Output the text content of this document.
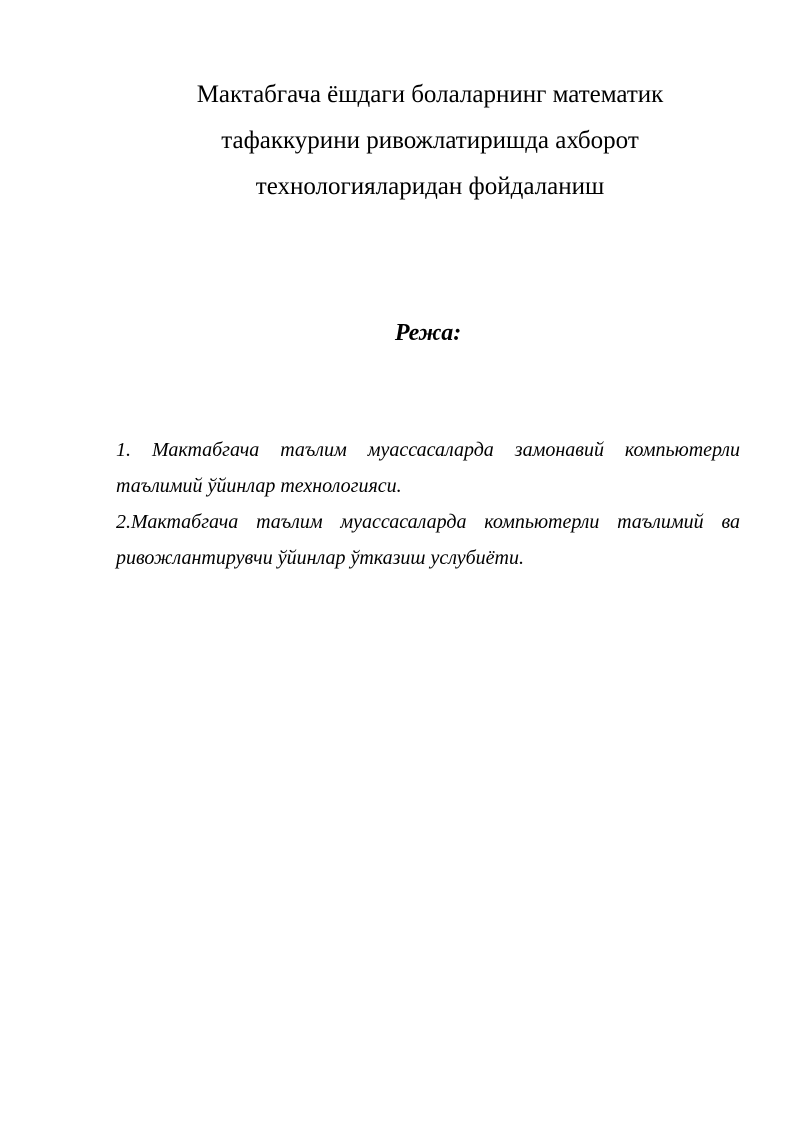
Мактабгача ёшдаги болаларнинг математик
тафаккурини ривожлатиришда ахборот
технологияларидан фойдаланиш
Режа:
1. Мактабгача таълим муассасаларда замонавий компьютерли
таълимий ўйинлар технологияси.
2.Мактабгача таълим муассасаларда компьютерли таълимий ва
ривожлантирувчи ўйинлар ўтказиш услубиёти.
